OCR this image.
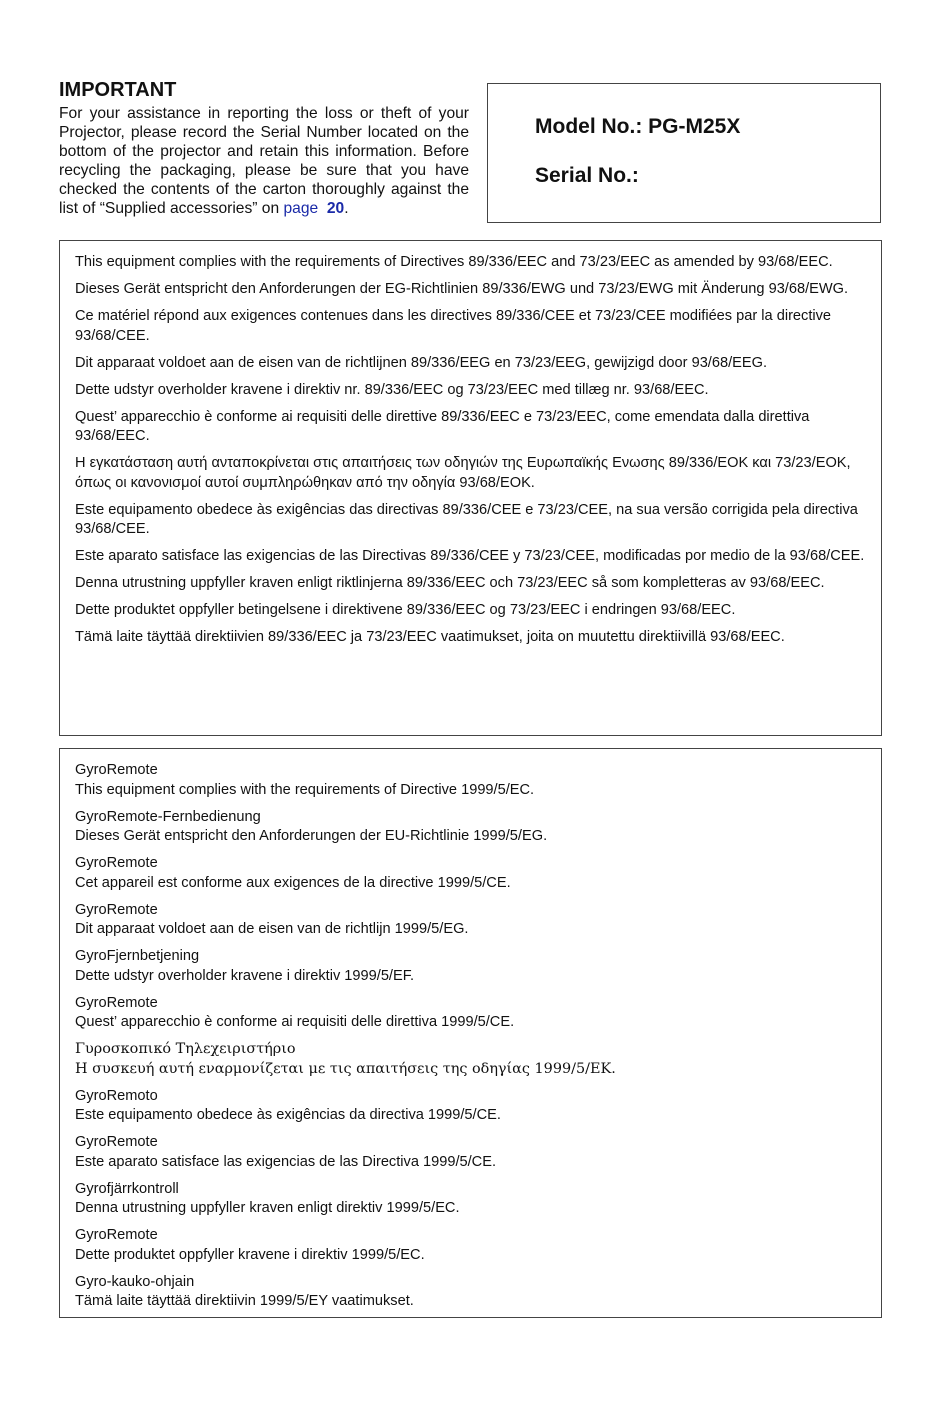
IMPORTANT

For your assistance in reporting the loss or theft of your Projector, please record the Serial Number located on the bottom of the projector and retain this information. Before recycling the packaging, please be sure that you have checked the contents of the carton thoroughly against the list of “Supplied accessories” on page 20.

Model No.: PG-M25X
Serial No.:

This equipment complies with the requirements of Directives 89/336/EEC and 73/23/EEC as amended by 93/68/EEC.

Dieses Gerät entspricht den Anforderungen der EG-Richtlinien 89/336/EWG und 73/23/EWG mit Änderung 93/68/EWG.

Ce matériel répond aux exigences contenues dans les directives 89/336/CEE et 73/23/CEE modifiées par la directive 93/68/CEE.

Dit apparaat voldoet aan de eisen van de richtlijnen 89/336/EEG en 73/23/EEG, gewijzigd door 93/68/EEG.

Dette udstyr overholder kravene i direktiv nr. 89/336/EEC og 73/23/EEC med tillæg nr. 93/68/EEC.

Quest’ apparecchio è conforme ai requisiti delle direttive 89/336/EEC e 73/23/EEC, come emendata dalla direttiva 93/68/EEC.

Η εγκατάσταση αυτή ανταποκρίνεται στις απαιτήσεις των οδηγιών της Ευρωπαϊκής Ενωσης 89/336/ΕΟΚ και 73/23/ΕΟΚ, όπως οι κανονισμοί αυτοί συμπληρώθηκαν από την οδηγία 93/68/ΕΟΚ.

Este equipamento obedece às exigências das directivas 89/336/CEE e 73/23/CEE, na sua versão corrigida pela directiva 93/68/CEE.

Este aparato satisface las exigencias de las Directivas 89/336/CEE y 73/23/CEE, modificadas por medio de la 93/68/CEE.

Denna utrustning uppfyller kraven enligt riktlinjerna 89/336/EEC och 73/23/EEC så som kompletteras av 93/68/EEC.

Dette produktet oppfyller betingelsene i direktivene 89/336/EEC og 73/23/EEC i endringen 93/68/EEC.

Tämä laite täyttää direktiivien 89/336/EEC ja 73/23/EEC vaatimukset, joita on muutettu direktiivillä 93/68/EEC.

GyroRemote
This equipment complies with the requirements of Directive 1999/5/EC.
GyroRemote-Fernbedienung
Dieses Gerät entspricht den Anforderungen der EU-Richtlinie 1999/5/EG.
GyroRemote
Cet appareil est conforme aux exigences de la directive 1999/5/CE.
GyroRemote
Dit apparaat voldoet aan de eisen van de richtlijn 1999/5/EG.
GyroFjernbetjening
Dette udstyr overholder kravene i direktiv 1999/5/EF.
GyroRemote
Quest’ apparecchio è conforme ai requisiti delle direttiva 1999/5/CE.
Γυροσκοπικό Τηλεχειριστήριο
Η συσκευή αυτή εναρμονίζεται με τις απαιτήσεις της οδηγίας 1999/5/ΕΚ.
GyroRemoto
Este equipamento obedece às exigências da directiva 1999/5/CE.
GyroRemote
Este aparato satisface las exigencias de las Directiva 1999/5/CE.
Gyrofjärrkontroll
Denna utrustning uppfyller kraven enligt direktiv 1999/5/EC.
GyroRemote
Dette produktet oppfyller kravene i direktiv 1999/5/EC.
Gyro-kauko-ohjain
Tämä laite täyttää direktiivin 1999/5/EY vaatimukset.
